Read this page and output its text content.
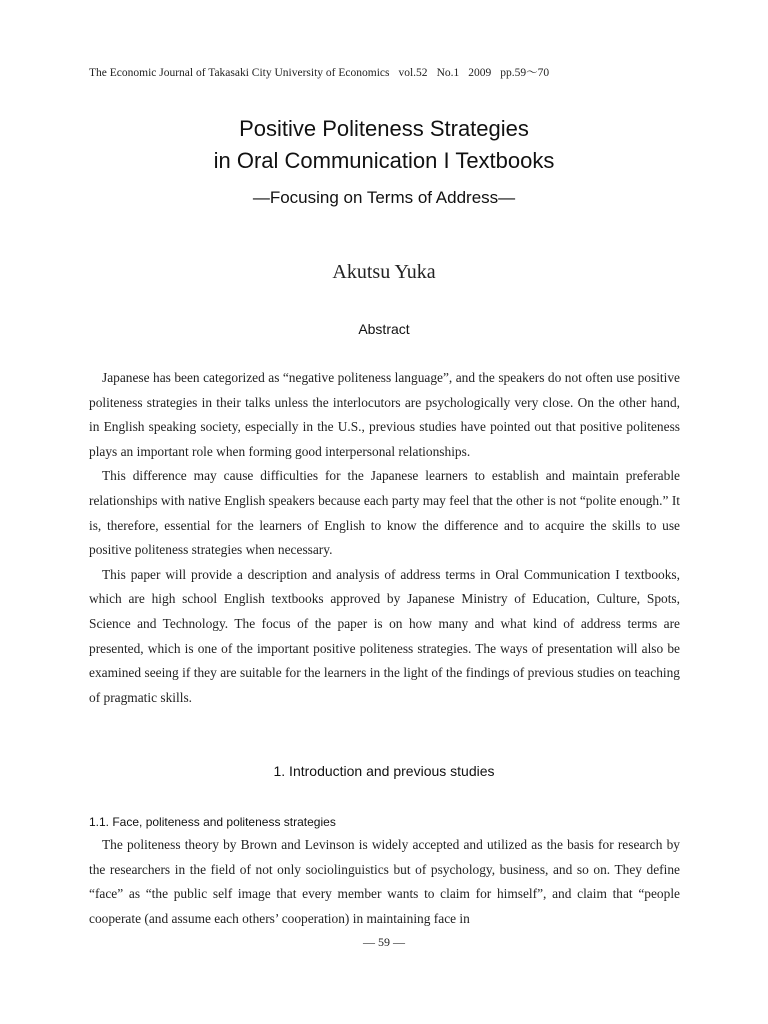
The Economic Journal of Takasaki City University of Economics vol.52 No.1 2009 pp.59～70
Positive Politeness Strategies
in Oral Communication I Textbooks
―Focusing on Terms of Address―
Akutsu Yuka
Abstract

Japanese has been categorized as “negative politeness language”, and the speakers do not often use positive politeness strategies in their talks unless the interlocutors are psychologically very close. On the other hand, in English speaking society, especially in the U.S., previous studies have pointed out that positive politeness plays an important role when forming good interpersonal relationships.

This difference may cause difficulties for the Japanese learners to establish and maintain preferable relationships with native English speakers because each party may feel that the other is not “polite enough.” It is, therefore, essential for the learners of English to know the difference and to acquire the skills to use positive politeness strategies when necessary.

This paper will provide a description and analysis of address terms in Oral Communication I textbooks, which are high school English textbooks approved by Japanese Ministry of Education, Culture, Spots, Science and Technology. The focus of the paper is on how many and what kind of address terms are presented, which is one of the important positive politeness strategies. The ways of presentation will also be examined seeing if they are suitable for the learners in the light of the findings of previous studies on teaching of pragmatic skills.

1. Introduction and previous studies
1.1. Face, politeness and politeness strategies

The politeness theory by Brown and Levinson is widely accepted and utilized as the basis for research by the researchers in the field of not only sociolinguistics but of psychology, business, and so on. They define “face” as “the public self image that every member wants to claim for himself”, and claim that “people cooperate (and assume each others’ cooperation) in maintaining face in

― 59 ―
